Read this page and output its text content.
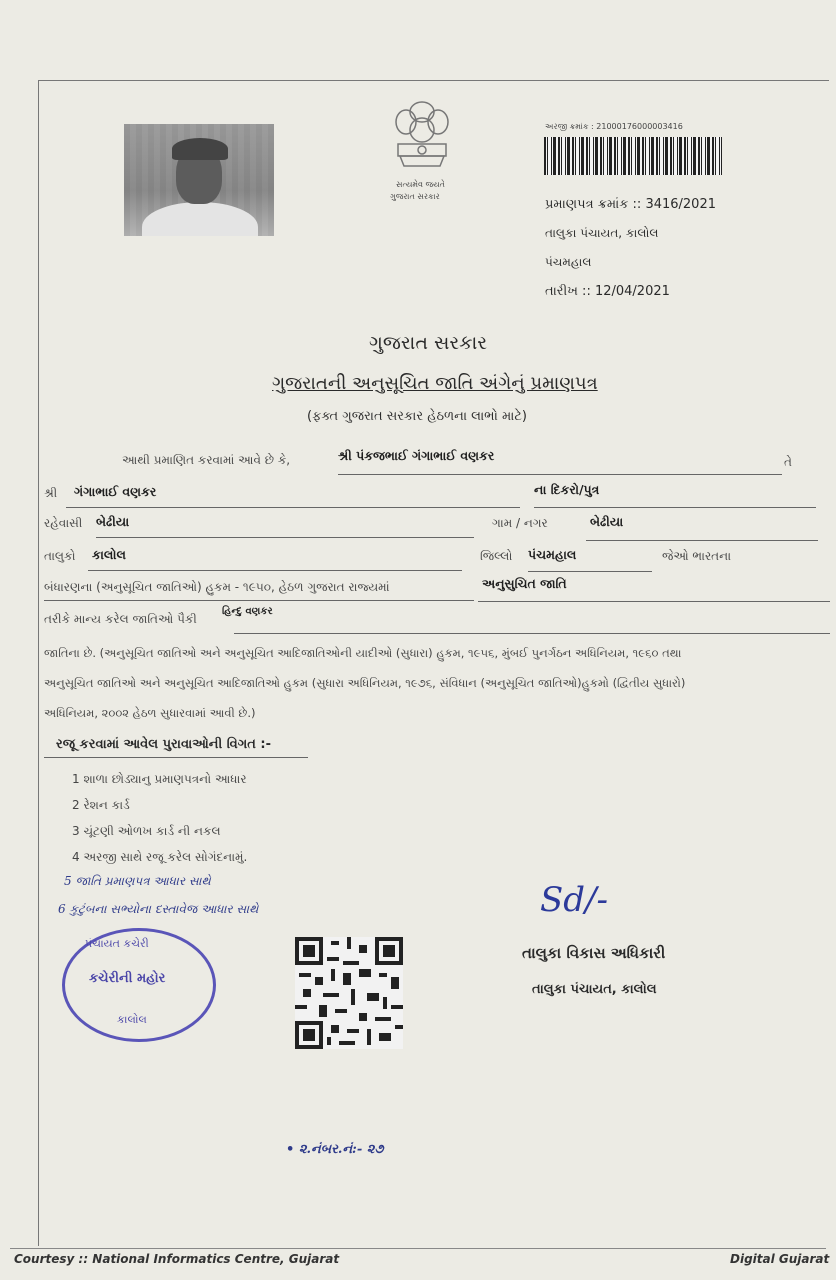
સત્યમેવ જયતે
ગુજરાત સરકાર
અરજી ક્રમાંક : 21000176000003416
પ્રમાણપત્ર ક્રમાંક :: 3416/2021
તાલુકા પંચાયત, કાલોલ
પંચમહાલ
તારીખ :: 12/04/2021
ગુજરાત સરકાર
ગુજરાતની અનુસૂચિત જાતિ અંગેનું પ્રમાણપત્ર
(ફક્ત ગુજરાત સરકાર હેઠળના લાભો માટે)
આથી પ્રમાણિત કરવામાં આવે છે કે,	શ્રી પંકજભાઈ ગંગાભાઈ વણકર	તે
શ્રી ગંગાભાઈ વણકર	ના દિકરો/પુત્ર
રહેવાસી બેઢીયા	ગામ / નગર	બેઢીયા
તાલુકો કાલોલ	જિલ્લો પંચમહાલ	જેઓ ભારતના
બંધારણના (અનુસૂચિત જાતિઓ) હુકમ - ૧૯૫૦, હેઠળ ગુજરાત રાજ્યમાં	અનુસુચિત જાતિ
તરીકે માન્ય કરેલ જાતિઓ પૈકી
હિન્દુ વણકર
જાતિના છે. (અનુસૂચિત જાતિઓ અને અનુસૂચિત આદિજાતિઓની યાદીઓ (સુધારા) હુકમ, ૧૯૫૬, મુંબઈ પુનર્ગઠન અધિનિયમ, ૧૯૬૦ તથા
અનુસૂચિત જાતિઓ અને અનુસૂચિત આદિજાતિઓ હુકમ (સુધારા અધિનિયમ, ૧૯૭૬, સંવિધાન (અનુસૂચિત જાતિઓ)હુકમો (દ્વિતીય સુધારો)
અધિનિયમ, ૨૦૦૨ હેઠળ સુધારવામાં આવી છે.)
રજૂ કરવામાં આવેલ પુરાવાઓની વિગત :-
1 શાળા છોડ્યાનુ પ્રમાણપત્રનો આધાર
2 રેશન કાર્ડ
3 ચૂંટણી ઓળખ કાર્ડ ની નકલ
4 અરજી સાથે રજૂ કરેલ સોગંદનામું.
5 જાતિ પ્રમાણપત્ર આધાર સાથે
6 કુટુંબના સભ્યોના દસ્તાવેજ આધાર સાથે	Sd/-
તાલુકા વિકાસ અધિકારી
તાલુકા પંચાયત, કાલોલ
પંચાયત કચેરી
કચેરીની મહોર
કાલોલ
• ૨.નંબર.નં:- ૨૭
Courtesy :: National Informatics Centre, Gujarat	Digital Gujarat
